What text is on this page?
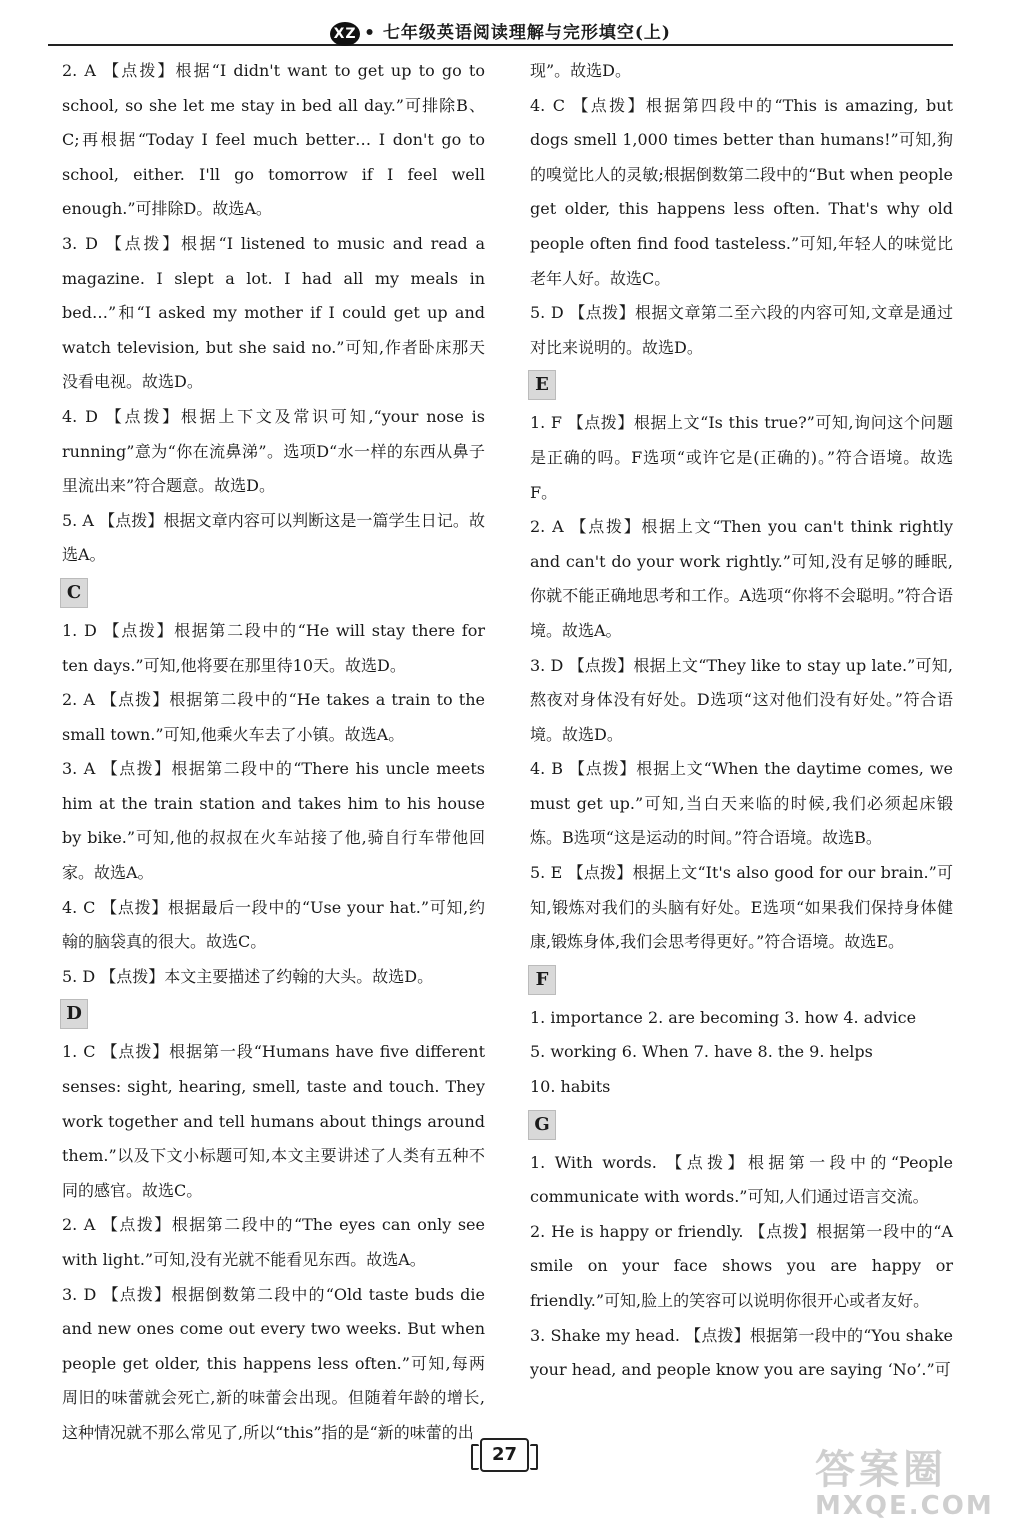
XZ • 七年级英语阅读理解与完形填空(上)

2. A 【点拨】根据“I didn't want to get up to go to school, so she let me stay in bed all day.”可排除B、C;再根据“Today I feel much better… I don't go to school, either. I'll go tomorrow if I feel well enough.”可排除D。故选A。

3. D 【点拨】根据“I listened to music and read a magazine. I slept a lot. I had all my meals in bed…”和“I asked my mother if I could get up and watch television, but she said no.”可知,作者卧床那天没看电视。故选D。

4. D 【点拨】根据上下文及常识可知,“your nose is running”意为“你在流鼻涕”。选项D“水一样的东西从鼻子里流出来”符合题意。故选D。

5. A 【点拨】根据文章内容可以判断这是一篇学生日记。故选A。

C

1. D 【点拨】根据第二段中的“He will stay there for ten days.”可知,他将要在那里待10天。故选D。

2. A 【点拨】根据第二段中的“He takes a train to the small town.”可知,他乘火车去了小镇。故选A。

3. A 【点拨】根据第二段中的“There his uncle meets him at the train station and takes him to his house by bike.”可知,他的叔叔在火车站接了他,骑自行车带他回家。故选A。

4. C 【点拨】根据最后一段中的“Use your hat.”可知,约翰的脑袋真的很大。故选C。

5. D 【点拨】本文主要描述了约翰的大头。故选D。

D

1. C 【点拨】根据第一段“Humans have five different senses: sight, hearing, smell, taste and touch. They work together and tell humans about things around them.”以及下文小标题可知,本文主要讲述了人类有五种不同的感官。故选C。

2. A 【点拨】根据第二段中的“The eyes can only see with light.”可知,没有光就不能看见东西。故选A。

3. D 【点拨】根据倒数第二段中的“Old taste buds die and new ones come out every two weeks. But when people get older, this happens less often.”可知,每两周旧的味蕾就会死亡,新的味蕾会出现。但随着年龄的增长,这种情况就不那么常见了,所以“this”指的是“新的味蕾的出

现”。故选D。

4. C 【点拨】根据第四段中的“This is amazing, but dogs smell 1,000 times better than humans!”可知,狗的嗅觉比人的灵敏;根据倒数第二段中的“But when people get older, this happens less often. That's why old people often find food tasteless.”可知,年轻人的味觉比老年人好。故选C。

5. D 【点拨】根据文章第二至六段的内容可知,文章是通过对比来说明的。故选D。

E

1. F 【点拨】根据上文“Is this true?”可知,询问这个问题是正确的吗。F选项“或许它是(正确的)。”符合语境。故选F。

2. A 【点拨】根据上文“Then you can't think rightly and can't do your work rightly.”可知,没有足够的睡眠,你就不能正确地思考和工作。A选项“你将不会聪明。”符合语境。故选A。

3. D 【点拨】根据上文“They like to stay up late.”可知,熬夜对身体没有好处。D选项“这对他们没有好处。”符合语境。故选D。

4. B 【点拨】根据上文“When the daytime comes, we must get up.”可知,当白天来临的时候,我们必须起床锻炼。B选项“这是运动的时间。”符合语境。故选B。

5. E 【点拨】根据上文“It's also good for our brain.”可知,锻炼对我们的头脑有好处。E选项“如果我们保持身体健康,锻炼身体,我们会思考得更好。”符合语境。故选E。

F

1. importance 2. are becoming 3. how 4. advice

5. working 6. When 7. have 8. the 9. helps

10. habits

G

1. With words. 【点拨】根据第一段中的“People communicate with words.”可知,人们通过语言交流。

2. He is happy or friendly. 【点拨】根据第一段中的“A smile on your face shows you are happy or friendly.”可知,脸上的笑容可以说明你很开心或者友好。

3. Shake my head. 【点拨】根据第一段中的“You shake your head, and people know you are saying ‘No’.”可

27	答案圈
MXQE.COM
